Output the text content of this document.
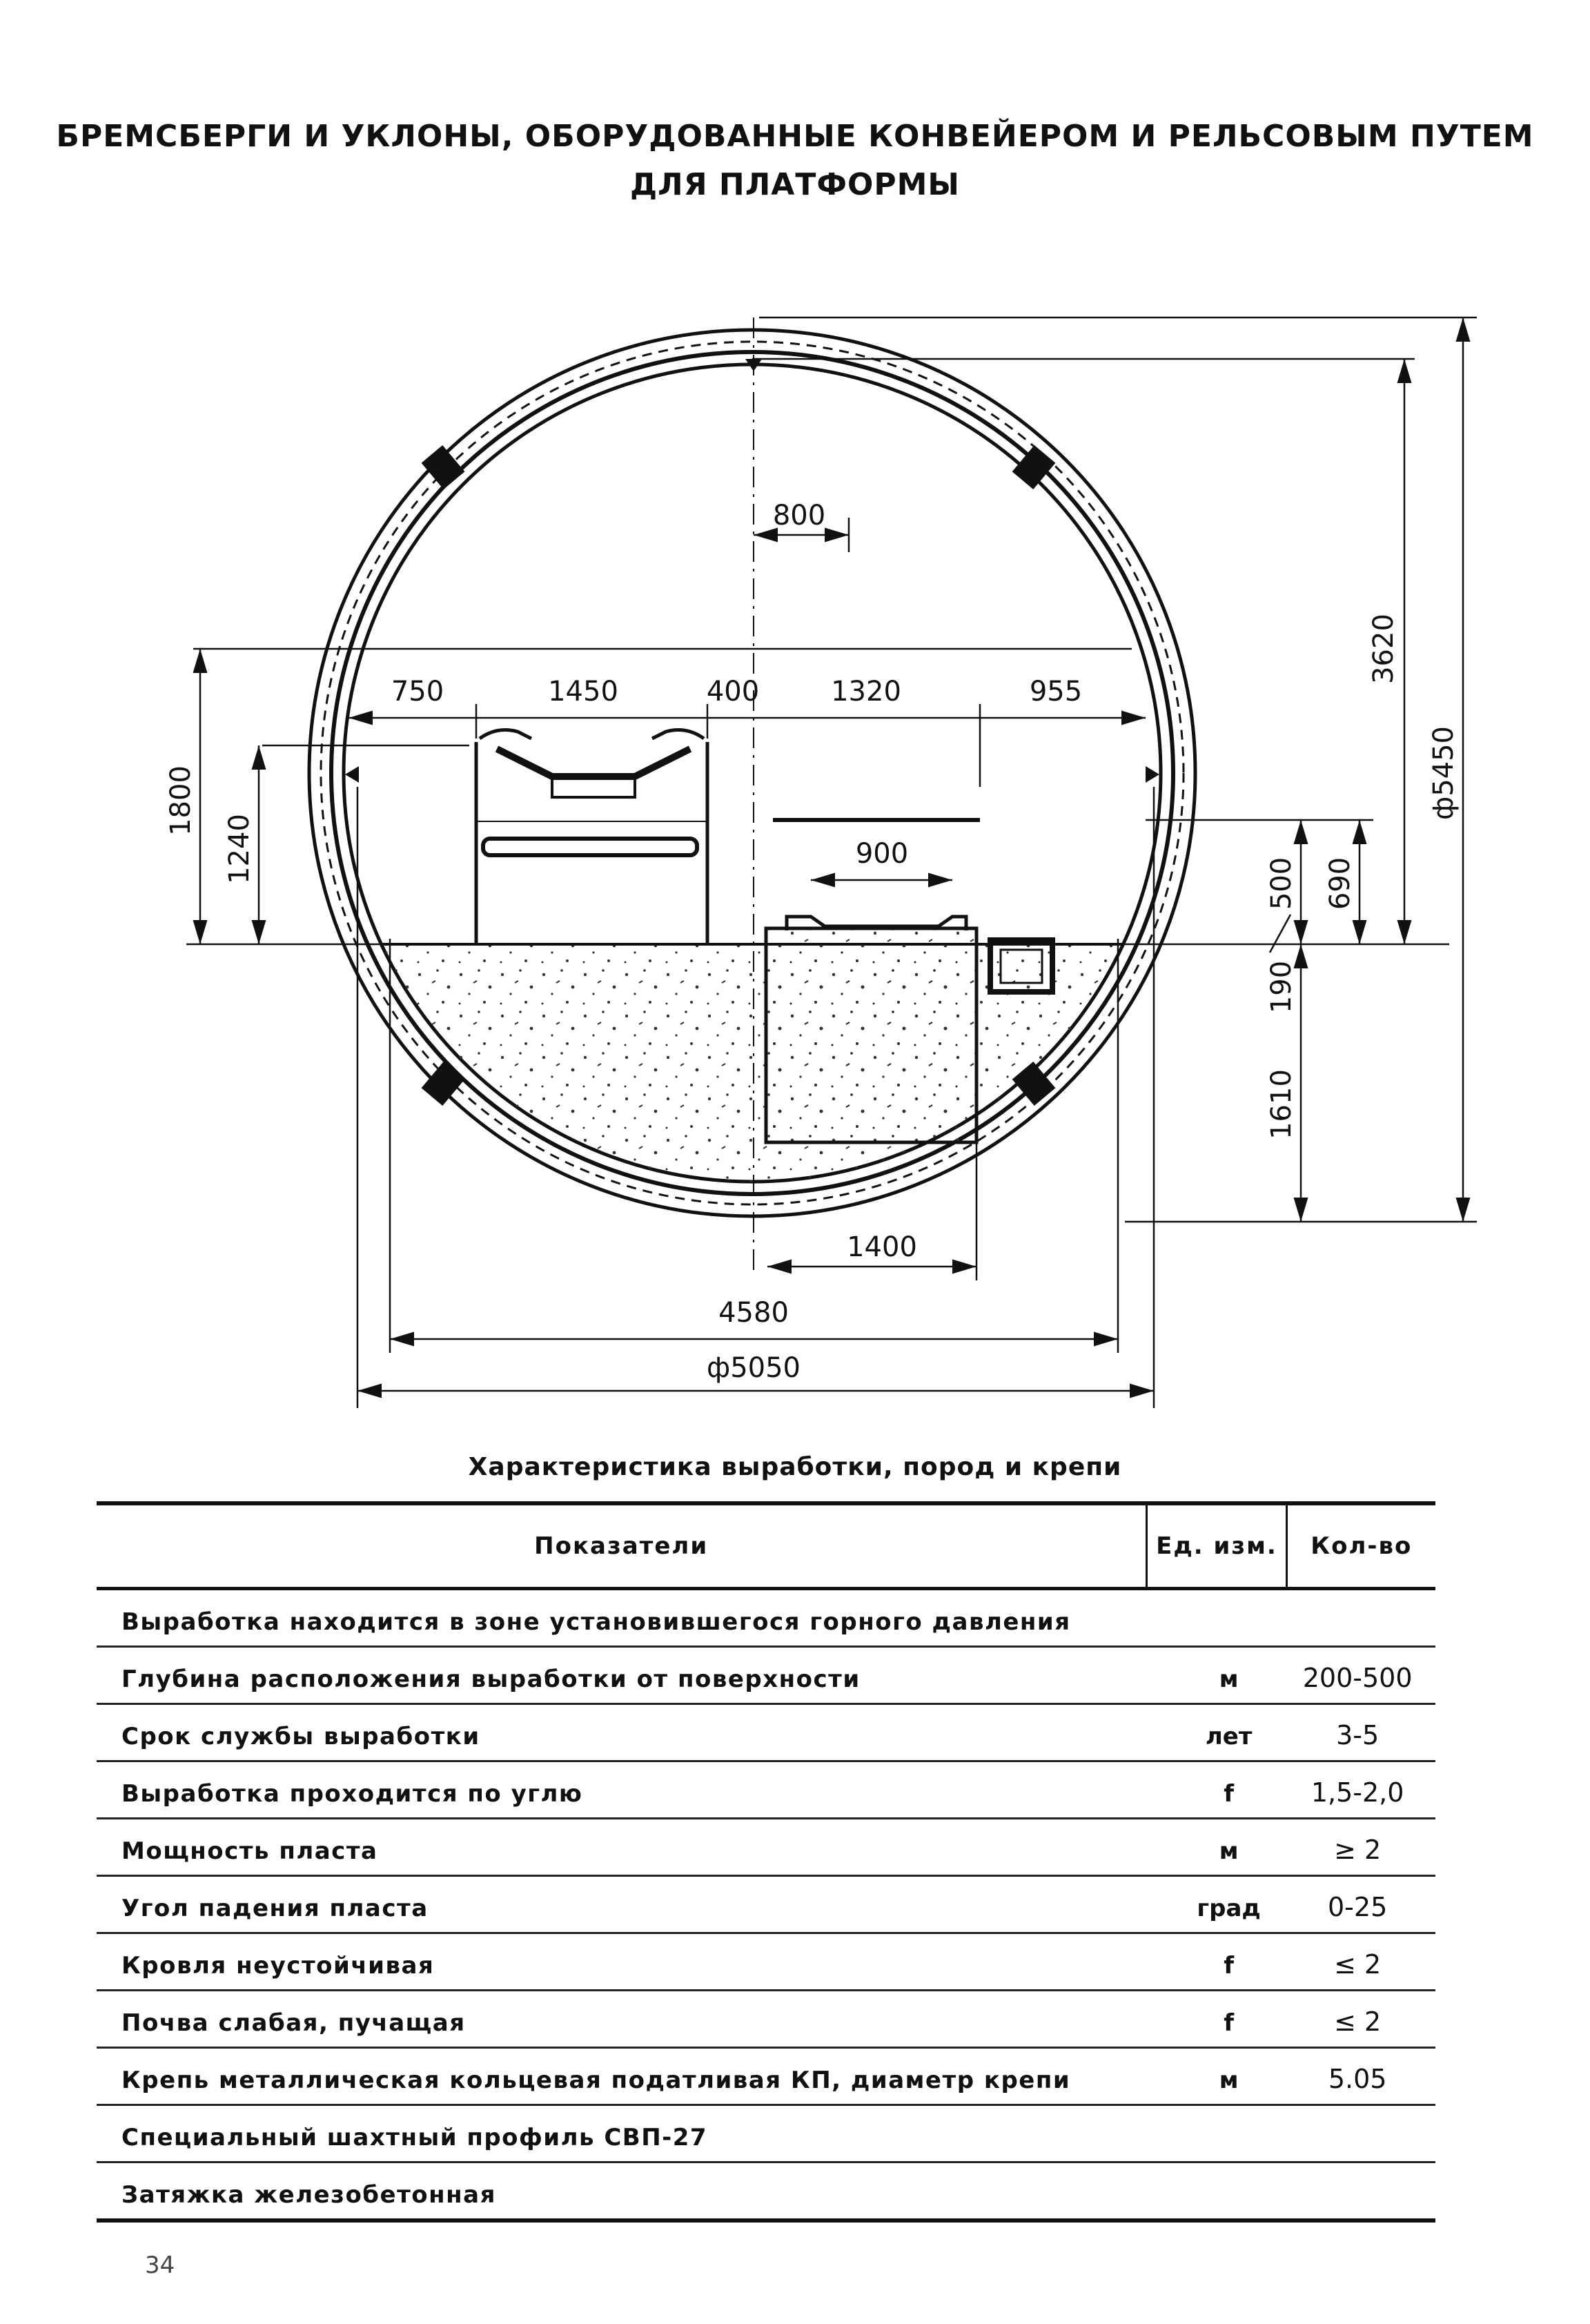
БРЕМСБЕРГИ И УКЛОНЫ, ОБОРУДОВАННЫЕ КОНВЕЙЕРОМ И РЕЛЬСОВЫМ ПУТЕМ
ДЛЯ ПЛАТФОРМЫ
800
750	1450	400	1320	955
900
1400
4580
ф5050
1800
1240
3620
ф5450
500 690
190
1610
Характеристика выработки, пород и крепи
Показатели	Ед. изм.	Кол-во
Выработка находится в зоне установившегося горного давления
Глубина расположения выработки от поверхности	м	200-500
Срок службы выработки	лет	3-5
Выработка проходится по углю	f	1,5-2,0
Мощность пласта	м	≥ 2
Угол падения пласта	град	0-25
Кровля неустойчивая	f	≤ 2
Почва слабая, пучащая	f	≤ 2
Крепь металлическая кольцевая податливая КП, диаметр крепи	м	5.05
Специальный шахтный профиль СВП-27
Затяжка железобетонная
34
